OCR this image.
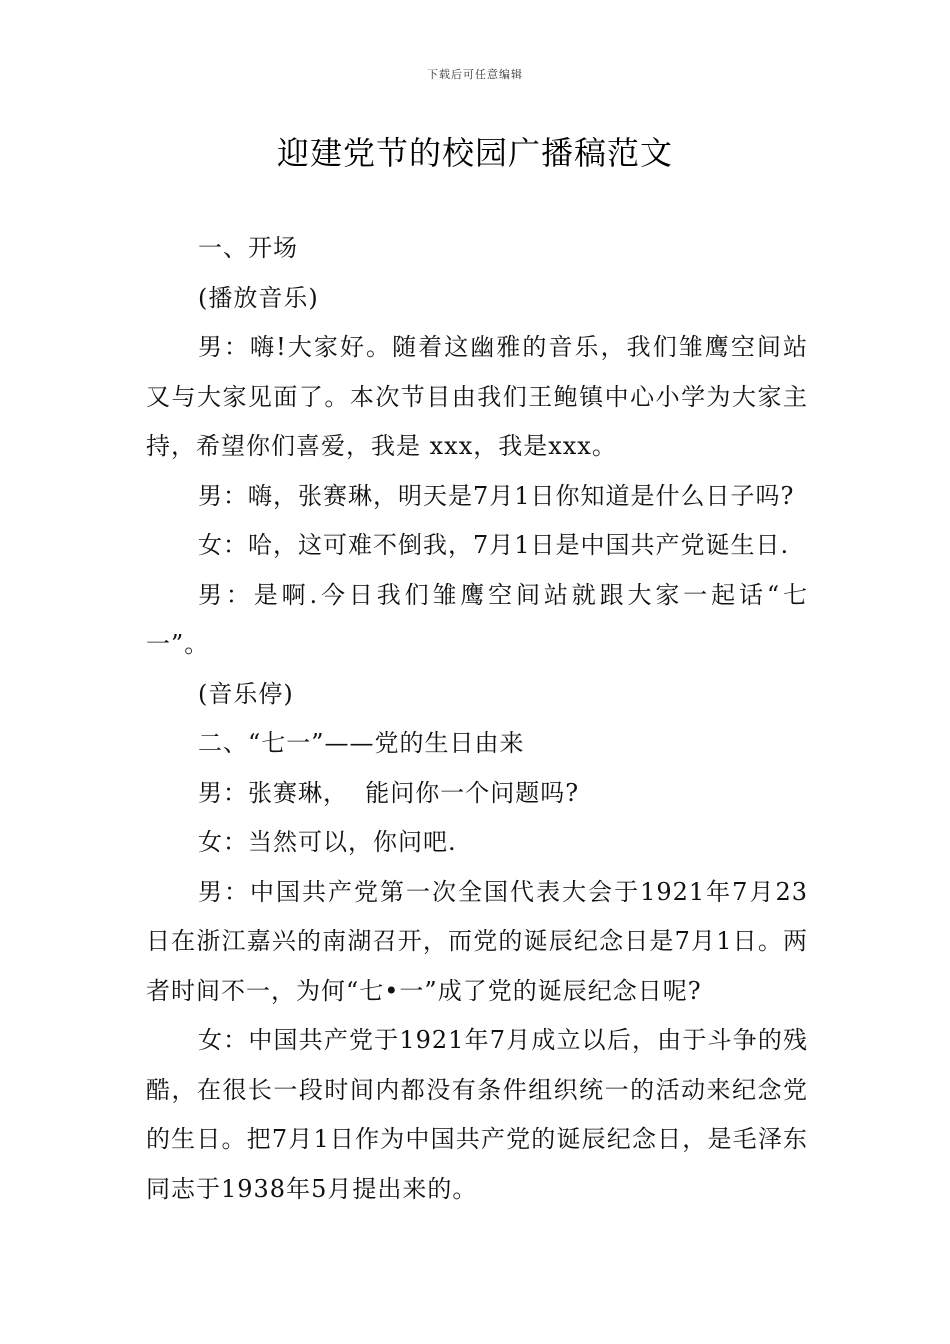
下载后可任意编辑
迎建党节的校园广播稿范文

一、开场

(播放音乐)

男：嗨!大家好。随着这幽雅的音乐，我们雏鹰空间站又与大家见面了。本次节目由我们王鲍镇中心小学为大家主持，希望你们喜爱，我是 xxx，我是xxx。

男：嗨，张赛琳，明天是7月1日你知道是什么日子吗?

女：哈，这可难不倒我，7月1日是中国共产党诞生日.

男：是啊.今日我们雏鹰空间站就跟大家一起话“七一”。

(音乐停)

二、“七一”——党的生日由来

男：张赛琳，  能问你一个问题吗?

女：当然可以，你问吧.

男：中国共产党第一次全国代表大会于1921年7月23日在浙江嘉兴的南湖召开，而党的诞辰纪念日是7月1日。两者时间不一，为何“七•一”成了党的诞辰纪念日呢?

女：中国共产党于1921年7月成立以后，由于斗争的残酷，在很长一段时间内都没有条件组织统一的活动来纪念党的生日。把7月1日作为中国共产党的诞辰纪念日，是毛泽东同志于1938年5月提出来的。
